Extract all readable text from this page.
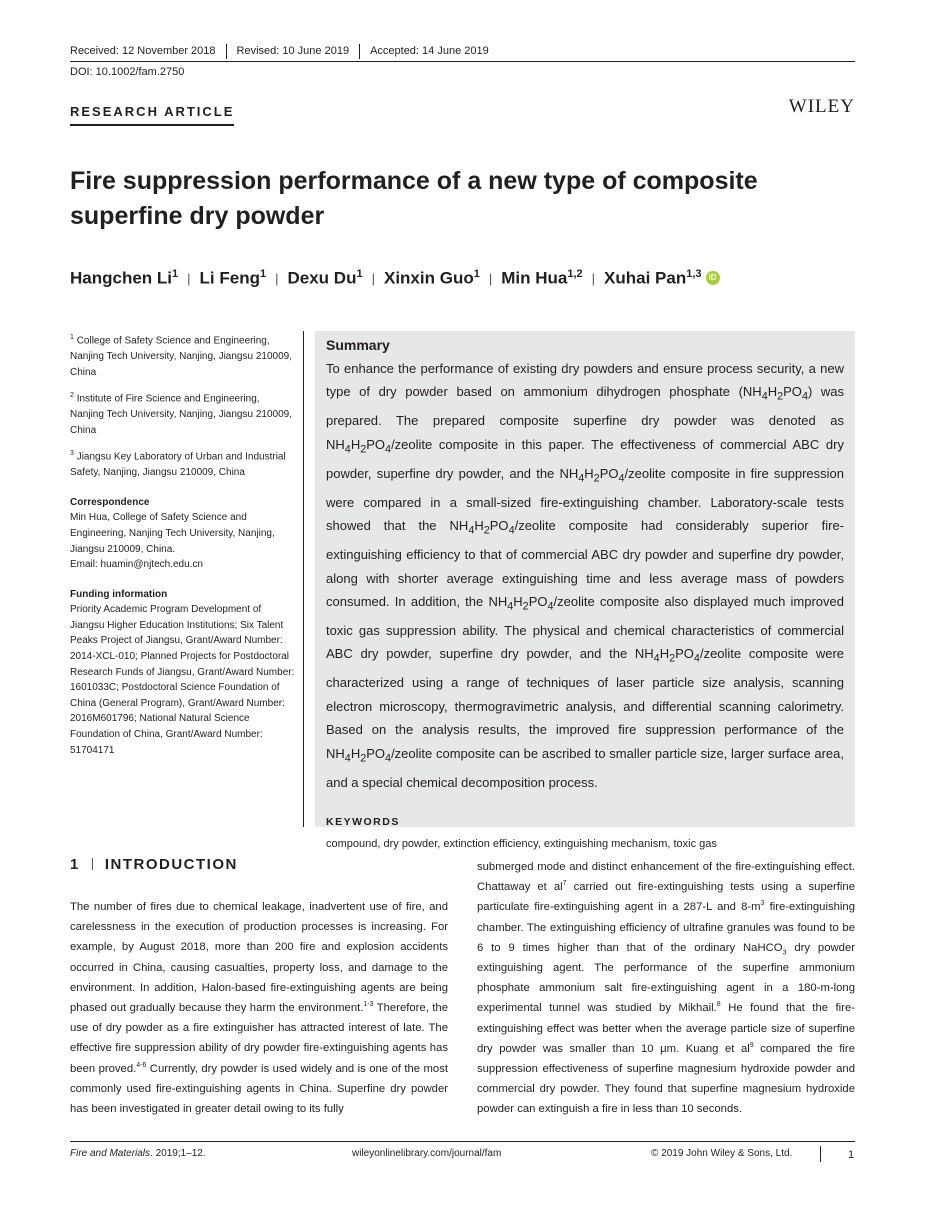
Received: 12 November 2018	Revised: 10 June 2019	Accepted: 14 June 2019
DOI: 10.1002/fam.2750
RESEARCH ARTICLE	WILEY
Fire suppression performance of a new type of composite
superfine dry powder
Hangchen Li$^1$ | Li Feng$^1$ | Dexu Du$^1$ | Xinxin Guo$^1$ | Min Hua$^{1,2}$ | Xuhai Pan$^{1,3}$ iD

$^1$ College of Safety Science and Engineering, Nanjing Tech University, Nanjing, Jiangsu 210009, China

$^2$ Institute of Fire Science and Engineering, Nanjing Tech University, Nanjing, Jiangsu 210009, China

$^3$ Jiangsu Key Laboratory of Urban and Industrial Safety, Nanjing, Jiangsu 210009, China

Correspondence

Min Hua, College of Safety Science and Engineering, Nanjing Tech University, Nanjing, Jiangsu 210009, China.

Email: huamin@njtech.edu.cn

Funding information

Priority Academic Program Development of Jiangsu Higher Education Institutions; Six Talent Peaks Project of Jiangsu, Grant/Award Number: 2014-XCL-010; Planned Projects for Postdoctoral Research Funds of Jiangsu, Grant/Award Number: 1601033C; Postdoctoral Science Foundation of China (General Program), Grant/Award Number: 2016M601796; National Natural Science Foundation of China, Grant/Award Number: 51704171

Summary

To enhance the performance of existing dry powders and ensure process security, a new type of dry powder based on ammonium dihydrogen phosphate $(NH_4H_2PO_4)$ was prepared. The prepared composite superfine dry powder was denoted as $NH_4H_2PO_4$/zeolite composite in this paper. The effectiveness of commercial ABC dry powder, superfine dry powder, and the $NH_4H_2PO_4$/zeolite composite in fire suppression were compared in a small-sized fire-extinguishing chamber. Laboratory-scale tests showed that the $NH_4H_2PO_4$/zeolite composite had considerably superior fire-extinguishing efficiency to that of commercial ABC dry powder and superfine dry powder, along with shorter average extinguishing time and less average mass of powders consumed. In addition, the $NH_4H_2PO_4$/zeolite composite also displayed much improved toxic gas suppression ability. The physical and chemical characteristics of commercial ABC dry powder, superfine dry powder, and the $NH_4H_2PO_4$/zeolite composite were characterized using a range of techniques of laser particle size analysis, scanning electron microscopy, thermogravimetric analysis, and differential scanning calorimetry. Based on the analysis results, the improved fire suppression performance of the $NH_4H_2PO_4$/zeolite composite can be ascribed to smaller particle size, larger surface area, and a special chemical decomposition process.

KEYWORDS
compound, dry powder, extinction efficiency, extinguishing mechanism, toxic gas
1 INTRODUCTION

The number of fires due to chemical leakage, inadvertent use of fire, and carelessness in the execution of production processes is increasing. For example, by August 2018, more than 200 fire and explosion accidents occurred in China, causing casualties, property loss, and damage to the environment. In addition, Halon-based fire-extinguishing agents are being phased out gradually because they harm the environment.$^{1-3}$ Therefore, the use of dry powder as a fire extinguisher has attracted interest of late. The effective fire suppression ability of dry powder fire-extinguishing agents has been proved.$^{4-6}$ Currently, dry powder is used widely and is one of the most commonly used fire-extinguishing agents in China. Superfine dry powder has been investigated in greater detail owing to its fully

submerged mode and distinct enhancement of the fire-extinguishing effect. Chattaway et $al^7$ carried out fire-extinguishing tests using a superfine particulate fire-extinguishing agent in a 287-L and $8-m^3$ fire-extinguishing chamber. The extinguishing efficiency of ultrafine granules was found to be 6 to 9 times higher than that of the ordinary NaHCO$_3$ dry powder extinguishing agent. The performance of the superfine ammonium phosphate ammonium salt fire-extinguishing agent in a 180-m-long experimental tunnel was studied by Mikhail.$^8$ He found that the fire-extinguishing effect was better when the average particle size of superfine dry powder was smaller than 10 μm. Kuang et $al^9$ compared the fire suppression effectiveness of superfine magnesium hydroxide powder and commercial dry powder. They found that superfine magnesium hydroxide powder can extinguish a fire in less than 10 seconds.

Fire and Materials. 2019;1–12.	wileyonlinelibrary.com/journal/fam	© 2019 John Wiley & Sons, Ltd.	1
